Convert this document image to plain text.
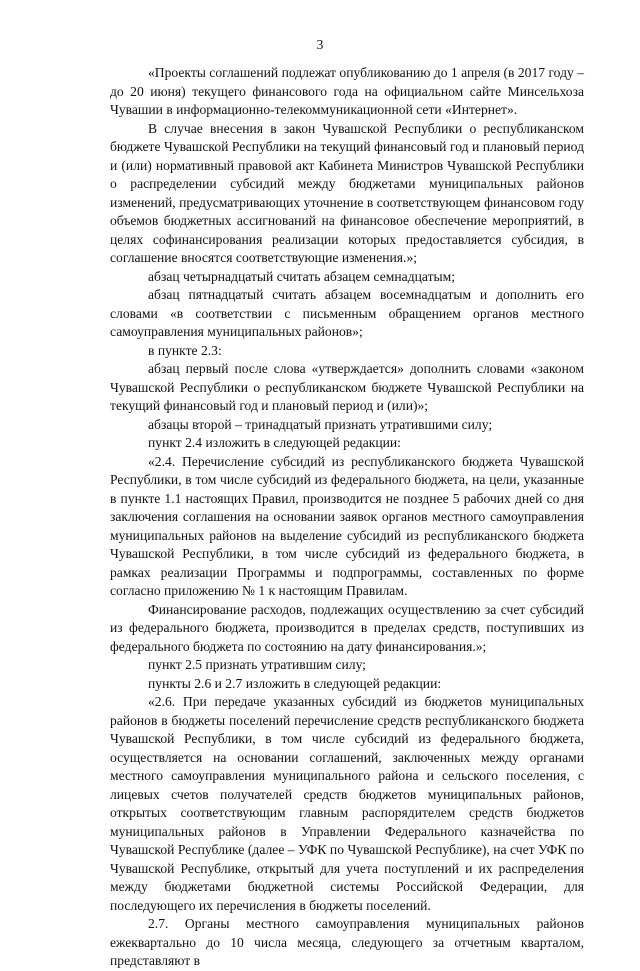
3

«Проекты соглашений подлежат опубликованию до 1 апреля (в 2017 году – до 20 июня) текущего финансового года на официальном сайте Минсельхоза Чувашии в информационно-телекоммуникационной сети «Интернет».

В случае внесения в закон Чувашской Республики о республиканском бюджете Чувашской Республики на текущий финансовый год и плановый период и (или) нормативный правовой акт Кабинета Министров Чувашской Республики о распределении субсидий между бюджетами муниципальных районов изменений, предусматривающих уточнение в соответствующем финансовом году объемов бюджетных ассигнований на финансовое обеспечение мероприятий, в целях софинансирования реализации которых предоставляется субсидия, в соглашение вносятся соответствующие изменения.»;

абзац четырнадцатый считать абзацем семнадцатым;

абзац пятнадцатый считать абзацем восемнадцатым и дополнить его словами «в соответствии с письменным обращением органов местного самоуправления муниципальных районов»;

в пункте 2.3:

абзац первый после слова «утверждается» дополнить словами «законом Чувашской Республики о республиканском бюджете Чувашской Республики на текущий финансовый год и плановый период и (или)»;

абзацы второй – тринадцатый признать утратившими силу;

пункт 2.4 изложить в следующей редакции:

«2.4. Перечисление субсидий из республиканского бюджета Чувашской Республики, в том числе субсидий из федерального бюджета, на цели, указанные в пункте 1.1 настоящих Правил, производится не позднее 5 рабочих дней со дня заключения соглашения на основании заявок органов местного самоуправления муниципальных районов на выделение субсидий из республиканского бюджета Чувашской Республики, в том числе субсидий из федерального бюджета, в рамках реализации Программы и подпрограммы, составленных по форме согласно приложению № 1 к настоящим Правилам.

Финансирование расходов, подлежащих осуществлению за счет субсидий из федерального бюджета, производится в пределах средств, поступивших из федерального бюджета по состоянию на дату финансирования.»;

пункт 2.5 признать утратившим силу;

пункты 2.6 и 2.7 изложить в следующей редакции:

«2.6. При передаче указанных субсидий из бюджетов муниципальных районов в бюджеты поселений перечисление средств республиканского бюджета Чувашской Республики, в том числе субсидий из федерального бюджета, осуществляется на основании соглашений, заключенных между органами местного самоуправления муниципального района и сельского поселения, с лицевых счетов получателей средств бюджетов муниципальных районов, открытых соответствующим главным распорядителем средств бюджетов муниципальных районов в Управлении Федерального казначейства по Чувашской Республике (далее – УФК по Чувашской Республике), на счет УФК по Чувашской Республике, открытый для учета поступлений и их распределения между бюджетами бюджетной системы Российской Федерации, для последующего их перечисления в бюджеты поселений.

2.7. Органы местного самоуправления муниципальных районов ежеквартально до 10 числа месяца, следующего за отчетным кварталом, представляют в
